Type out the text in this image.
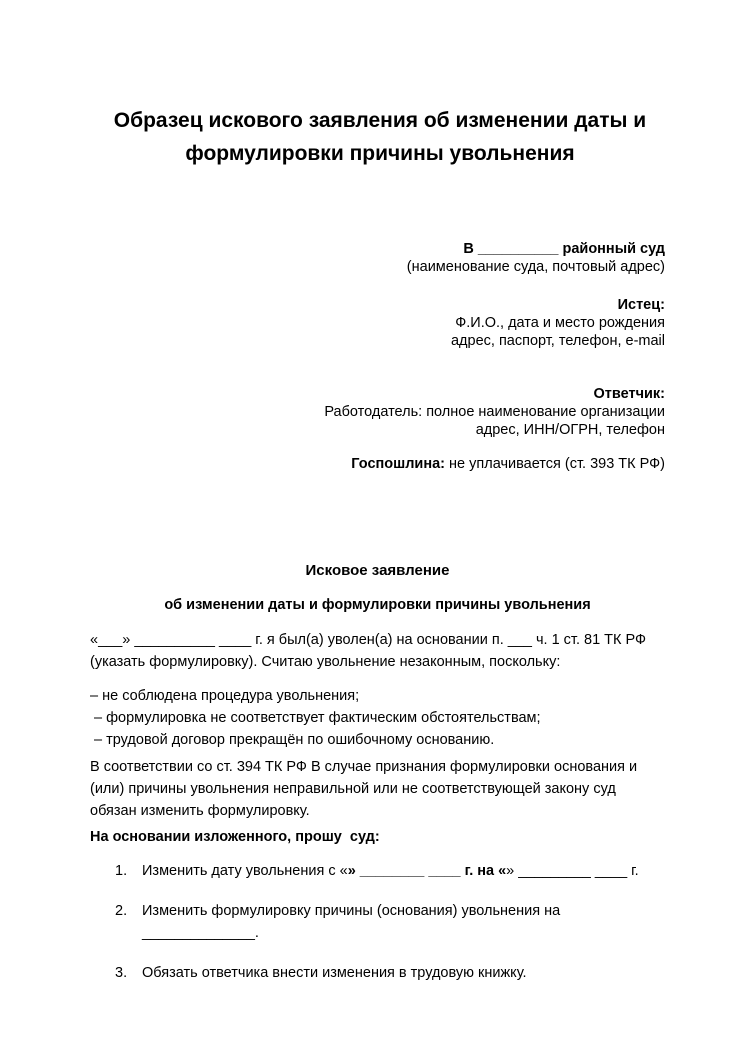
Образец искового заявления об изменении даты и формулировки причины увольнения
В __________ районный суд
(наименование суда, почтовый адрес)
Истец:
Ф.И.О., дата и место рождения
адрес, паспорт, телефон, e-mail
Ответчик:
Работодатель: полное наименование организации
адрес, ИНН/ОГРН, телефон
Госпошлина: не уплачивается (ст. 393 ТК РФ)
Исковое заявление
об изменении даты и формулировки причины увольнения

«___» __________ ____ г. я был(а) уволен(а) на основании п. ___ ч. 1 ст. 81 ТК РФ (указать формулировку). Считаю увольнение незаконным, поскольку:

– не соблюдена процедура увольнения;
– формулировка не соответствует фактическим обстоятельствам;
– трудовой договор прекращён по ошибочному основанию.

В соответствии со ст. 394 ТК РФ В случае признания формулировки основания и (или) причины увольнения неправильной или не соответствующей закону суд обязан изменить формулировку.

На основании изложенного, прошу  суд:

1.	Изменить дату увольнения с «» ________ ____ г. на «» _________ ____ г.
2.	Изменить формулировку причины (основания) увольнения на ______________.
3.	Обязать ответчика внести изменения в трудовую книжку.
